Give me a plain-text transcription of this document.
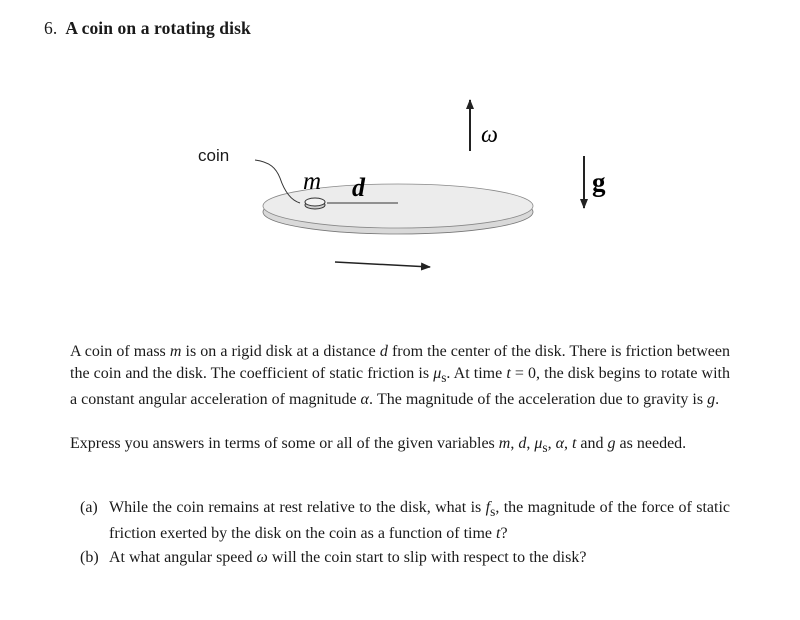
6. A coin on a rotating disk
m d
ω
g
coin
A coin of mass m is on a rigid disk at a distance d from the center of the disk. There is friction between the coin and the disk. The coefficient of static friction is $\mu_s$. At time t = 0, the disk begins to rotate with a constant angular acceleration of magnitude α. The magnitude of the acceleration due to gravity is g.
Express you answers in terms of some or all of the given variables m, d, $\mu_s$, α, t and g as needed.
(a) While the coin remains at rest relative to the disk, what is $f_s$, the magnitude of the force of static friction exerted by the disk on the coin as a function of time t?
(b) At what angular speed ω will the coin start to slip with respect to the disk?
